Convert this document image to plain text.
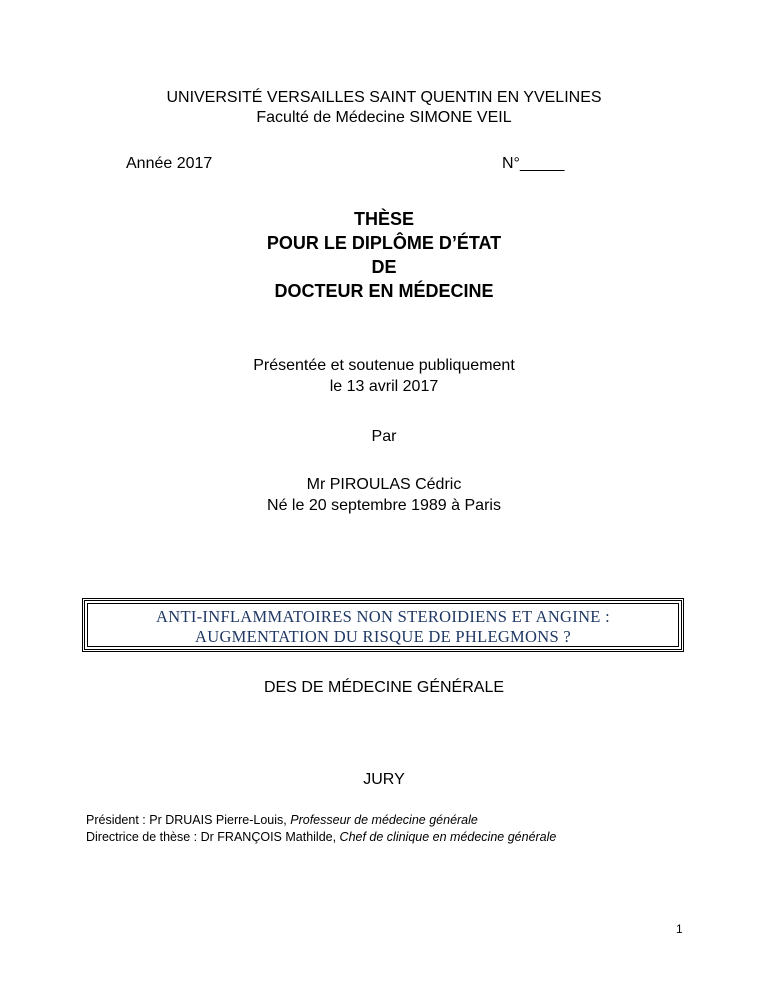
UNIVERSITÉ VERSAILLES SAINT QUENTIN EN YVELINES
Faculté de Médecine SIMONE VEIL
Année 2017	N°_____
THÈSE
POUR LE DIPLÔME D’ÉTAT
DE
DOCTEUR EN MÉDECINE
Présentée et soutenue publiquement
le 13 avril 2017
Par
Mr PIROULAS Cédric
Né le 20 septembre 1989 à Paris
ANTI-INFLAMMATOIRES NON STEROIDIENS ET ANGINE :
AUGMENTATION DU RISQUE DE PHLEGMONS ?
DES DE MÉDECINE GÉNÉRALE
JURY
Président : Pr DRUAIS Pierre-Louis, Professeur de médecine générale
Directrice de thèse : Dr FRANÇOIS Mathilde, Chef de clinique en médecine générale
1
